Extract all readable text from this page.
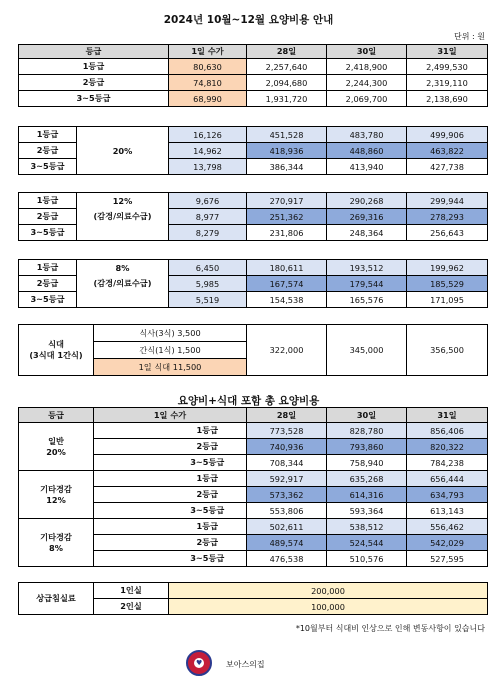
2024년 10월~12월 요양비용 안내
단위 : 원
등급	1일 수가	28일	30일	31일
1등급	80,630	2,257,640	2,418,900	2,499,530
2등급	74,810	2,094,680	2,244,300	2,319,110
3~5등급	68,990	1,931,720	2,069,700	2,138,690
1등급	20%	16,126	451,528	483,780	499,906
2등급		14,962	418,936	448,860	463,822
3~5등급		13,798	386,344	413,940	427,738
1등급	12%	9,676	270,917	290,268	299,944
2등급	(감경/의료수급)	8,977	251,362	269,316	278,293
3~5등급		8,279	231,806	248,364	256,643
1등급	8%	6,450	180,611	193,512	199,962
2등급	(감경/의료수급)	5,985	167,574	179,544	185,529
3~5등급		5,519	154,538	165,576	171,095
식대
(3식대 1간식)
	식사(3식) 3,500	322,000	345,000	356,500
간식(1식) 1,500
1일 식대 11,500
요양비+식대 포함 총 요양비용
등급	1일 수가		28일	30일	31일

일반
20%		1등급	773,528	828,780	856,406
		2등급	740,936	793,860	820,322
		3~5등급	708,344	758,940	784,238

기타경감
12%		1등급	592,917	635,268	656,444
		2등급	573,362	614,316	634,793
		3~5등급	553,806	593,364	613,143

기타경감
8%		1등급	502,611	538,512	556,462
		2등급	489,574	524,544	542,029
		3~5등급	476,538	510,576	527,595
상급침실료	1인실	200,000
	2인실	100,000
*10월부터 식대비 인상으로 인해 변동사항이 있습니다
♥	보아스의집
